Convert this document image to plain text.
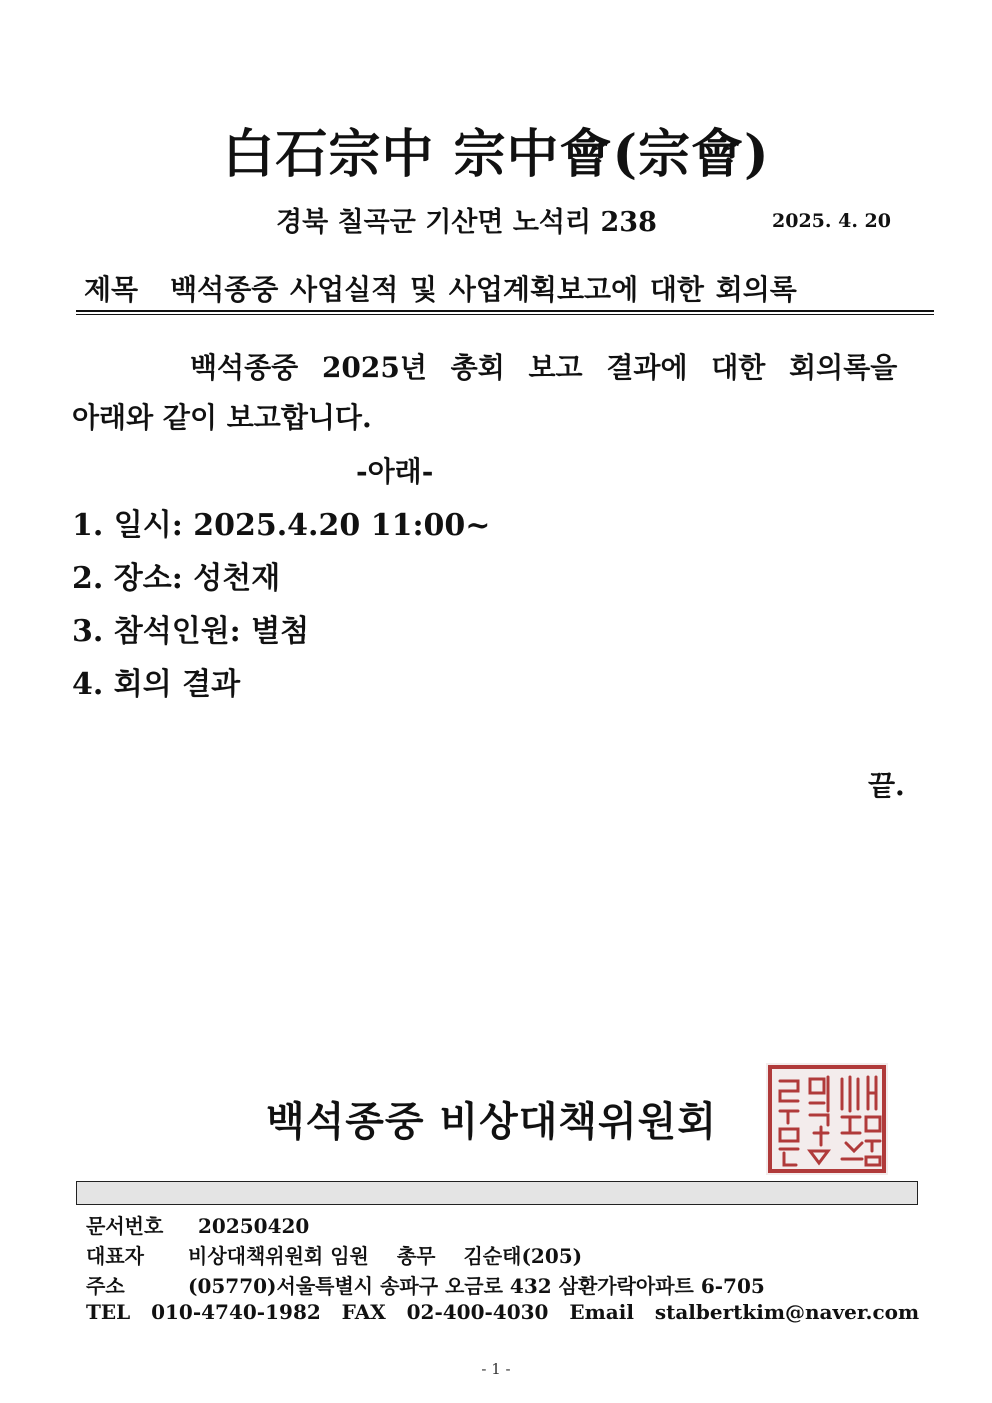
白石宗中 宗中會(宗會)
경북 칠곡군 기산면 노석리 238	2025. 4. 20
제목 백석종중 사업실적 및 사업계획보고에 대한 회의록
백석종중 2025년 총회 보고 결과에 대한 회의록을
아래와 같이 보고합니다.
-아래-
1. 일시: 2025.4.20 11:00~
2. 장소: 성천재
3. 참석인원: 별첨
4. 회의 결과
끝.
백석종중 비상대책위원회
문서번호 20250420
대표자 비상대책위원회 임원 총무 김순태(205)
주소	(05770)서울특별시 송파구 오금로 432 삼환가락아파트 6-705
TEL 010-4740-1982 FAX 02-400-4030 Email stalbertkim@naver.com
- 1 -
